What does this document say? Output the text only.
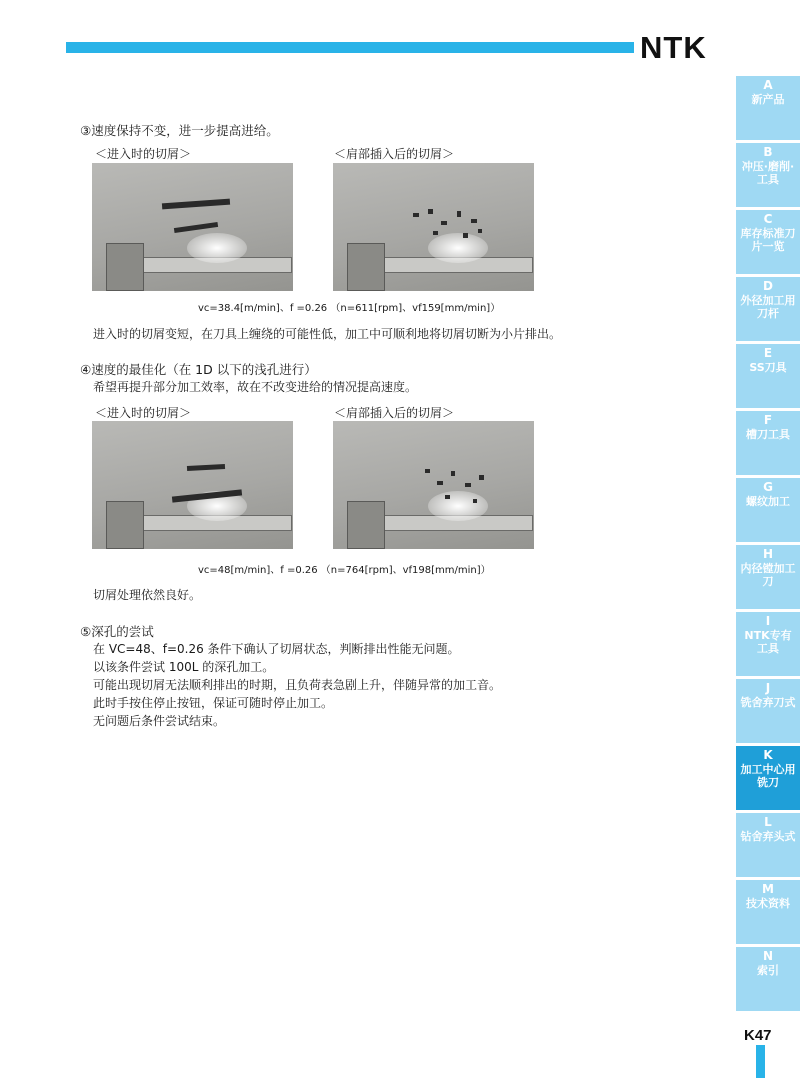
NTK
③速度保持不变，进一步提高进给。
＜进入时的切屑＞	＜肩部插入后的切屑＞
vc=38.4[m/min]、f =0.26 （n=611[rpm]、vf159[mm/min]）
进入时的切屑变短，在刀具上缠绕的可能性低，加工中可顺利地将切屑切断为小片排出。
④速度的最佳化（在 1D 以下的浅孔进行）
希望再提升部分加工效率，故在不改变进给的情况提高速度。
＜进入时的切屑＞	＜肩部插入后的切屑＞
vc=48[m/min]、f =0.26 （n=764[rpm]、vf198[mm/min]）
切屑处理依然良好。
⑤深孔的尝试
在 VC=48、f=0.26 条件下确认了切屑状态，判断排出性能无问题。
以该条件尝试 100L 的深孔加工。
可能出现切屑无法顺利排出的时期，且负荷表急剧上升，伴随异常的加工音。
此时手按住停止按钮，保证可随时停止加工。
无问题后条件尝试结束。
A
新产品
B
冲压·磨削·工具
C
库存标准刀片一览
D
外径加工用刀杆
E
SS刀具
F
槽刀工具
G
螺纹加工
H
内径镗加工刀
I
NTK专有工具
J
铣舍弃刀式
K
加工中心用铣刀
L
钻舍弃头式
M
技术资料
N
索引
K47
